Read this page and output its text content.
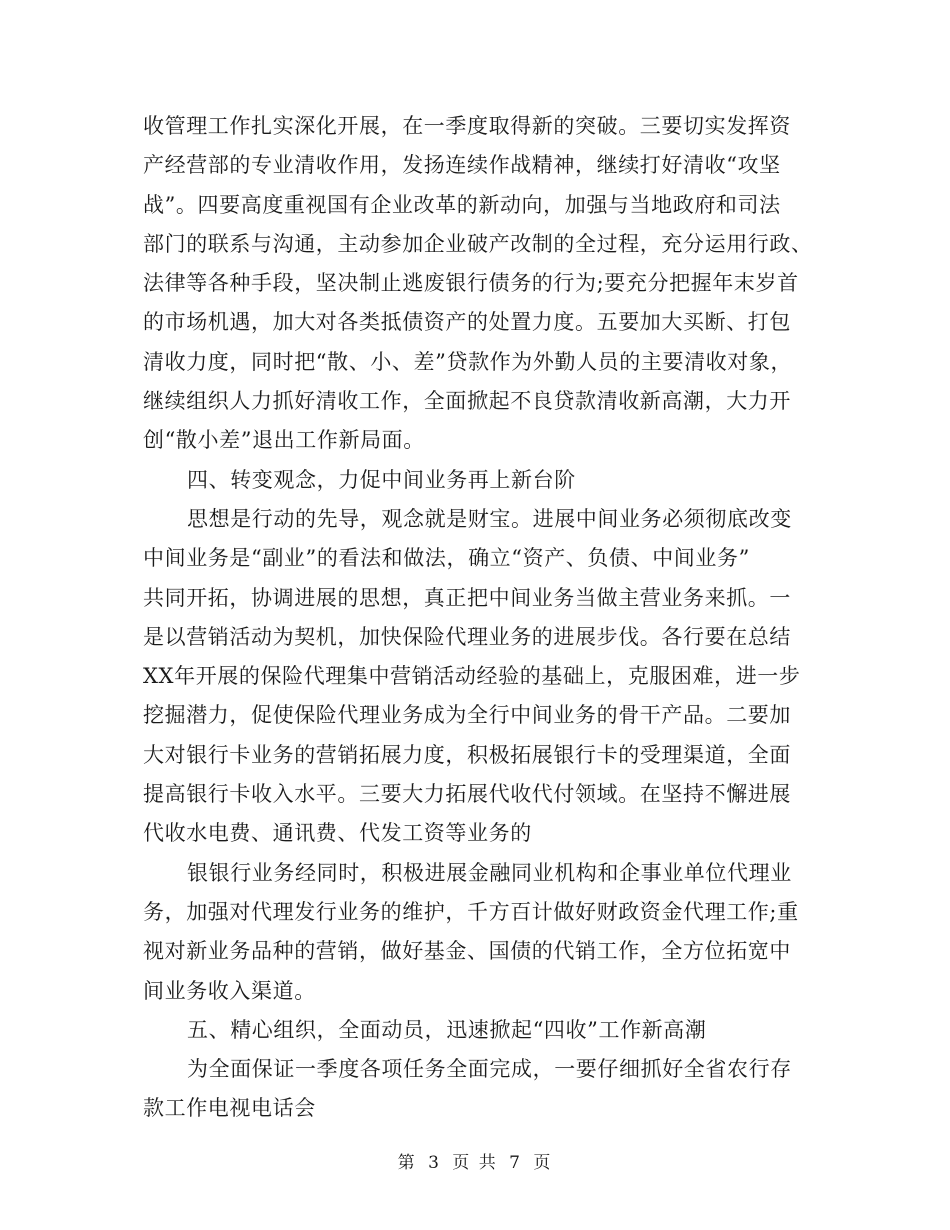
收管理工作扎实深化开展，在一季度取得新的突破。三要切实发挥资
产经营部的专业清收作用，发扬连续作战精神，继续打好清收“攻坚
战”。四要高度重视国有企业改革的新动向，加强与当地政府和司法
部门的联系与沟通，主动参加企业破产改制的全过程，充分运用行政、
法律等各种手段，坚决制止逃废银行债务的行为;要充分把握年末岁首
的市场机遇，加大对各类抵债资产的处置力度。五要加大买断、打包
清收力度，同时把“散、小、差”贷款作为外勤人员的主要清收对象，
继续组织人力抓好清收工作，全面掀起不良贷款清收新高潮，大力开
创“散小差”退出工作新局面。
四、转变观念，力促中间业务再上新台阶
思想是行动的先导，观念就是财宝。进展中间业务必须彻底改变
中间业务是“副业”的看法和做法，确立“资产、负债、中间业务”
共同开拓，协调进展的思想，真正把中间业务当做主营业务来抓。一
是以营销活动为契机，加快保险代理业务的进展步伐。各行要在总结
XX年开展的保险代理集中营销活动经验的基础上，克服困难，进一步
挖掘潜力，促使保险代理业务成为全行中间业务的骨干产品。二要加
大对银行卡业务的营销拓展力度，积极拓展银行卡的受理渠道，全面
提高银行卡收入水平。三要大力拓展代收代付领域。在坚持不懈进展
代收水电费、通讯费、代发工资等业务的
银银行业务经同时，积极进展金融同业机构和企事业单位代理业
务，加强对代理发行业务的维护，千方百计做好财政资金代理工作;重
视对新业务品种的营销，做好基金、国债的代销工作，全方位拓宽中
间业务收入渠道。
五、精心组织，全面动员，迅速掀起“四收”工作新高潮
为全面保证一季度各项任务全面完成，一要仔细抓好全省农行存
款工作电视电话会
第 3 页 共 7 页
